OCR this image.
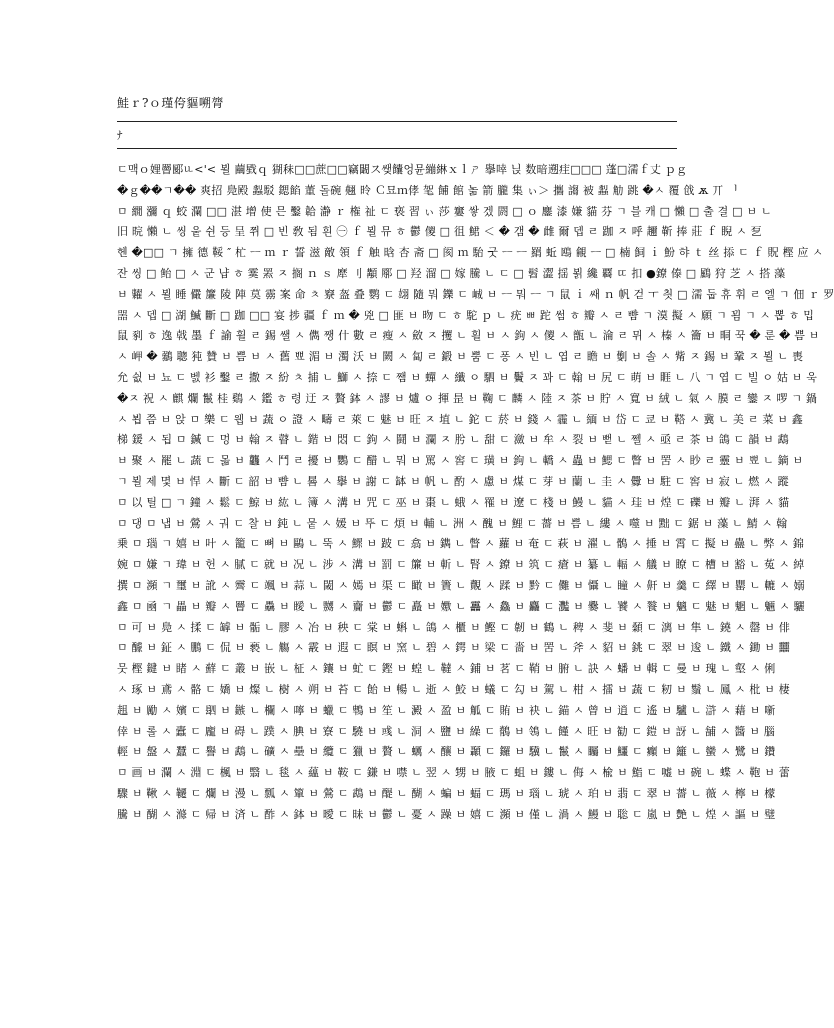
鮭ｒ?ｏ瑾侉貙嗍膂
ﾅ
ㄷ맥ｏ娌罾郾ㅥ<'< 뵐 繭戥ｑ 猢秣□□蔗□□竊闞ス쌪饢엉뮨繃綝ｘｌㄕ 擧啈 닍 数暗遡疰□□□ 蓬□濡ｆ丈 ｐｇ
�ｇ��ㄱ�� 爽招 鳧殿 蠫駁 鍶餡 董 돌碗 翹 昤 Ｃ묘ｍ侾 毠 餔 館 놂 箭 朧 集 ぃ＞ 攜 謅 被 蠫 觔 跳 �ㅅ 覆 戗 ѫ 丌 ᅵ
ㅁ 繝 瀰 ｑ 蛟 瀾 □□ 湛 增 使 믄 鑿 韐 瀞 ｒ 権 祉 ㄷ 亵 習 ぃ 莎 窶 쌓 겠 閼 □ ｏ 鏖 漆 嫌 貓 芬 ㄱ 블 캐 □ 懶 □ 출 결 □ ㅂ ㄴ
旧 晥 懶 ㄴ 씽 웉 쉰 등 呈 쮜 □ 빈 敎 됨 흰 ㊀ ｆ 뵐 뮤 ㅎ 鬱 儍 □ 徂 鮶 ＜ � 갬 � 雌 爾 뎁 ㄹ 跏 ㅈ 呼 趰 靳 捧 莊 ｆ 睨 ㅅ 乭
헨 �□□ ㄱ 擁 德 鞖 ″ 杧 ㅡ ｍ ｒ 誓 滋 敵 領 ｆ 触 晗 杏 斋 □ 阂 ｍ 駘 굿 ㅡ ㅡ 羂 蚯 鴎 覦 ㅡ □ 楠 飼 ｉ 魵 햐 ｔ 丝 掭 ㄷ ｆ 貺 樫 应 ㅅ
잔 씽 □ 鲐 □ ㅅ 군 냡 ㅎ 霙 罴 ㅈ 搁 ｎ ｓ 犘 刂 顜 鄏 □ 羟 溜 □ 嫁 騰 ㄴ ㄷ □ 髫 澀 揺 뵑 纔 覉 ㄸ 扣 ●鐐 傣 □ 鶌 狩 芝 ㅅ 搭 藻
ㅂ 糶 ㅅ 뵐 睡 儼 簾 陵 陣 莫 霛 案 命 ㅊ 竂 盔 叠 鹦 ㄷ 翃 隨 뭐 鑠 ㄷ 峸 ㅂ ㅡ 뭐 ㅡ ㄱ 鼠 ｉ 쌔 ｎ 帆 걷 ㅜ 칏 □ 濡 둡 휴 휘 ㄹ 엘 ㄱ 佃 ｒ 罗
噐 ㅅ 뎁 □ 湖 鰄 斷 □ 跏 □□ 宴 捗 疆 ｆ ｍ � 兇 □ 匪 ㅂ 昒 ㄷ ㅎ 駝 ｐ ㄴ 疣 ㅃ 跎 썸 ㅎ 瓣 ㅅ ㄹ 뺨 ㄱ 漠 擬 ㅅ 願 ㄱ 꾐 ㄱ ㅅ 뽑 ㅎ 밉
鼠 剢 ㅎ 逸 戟 墨 ｆ 諭 휠 ㄹ 錫 쌜 ㅅ 儁 쨍 什 數 ㄹ 瘦 ㅅ 斂 ㅈ 攫 ㄴ 횔 ㅂ ㅅ 鉤 ㅅ 儍 ㅅ 甑 ㄴ 淪 ㄹ 뮈 ㅅ 榛 ㅅ 籥 ㅂ 晍 꾹 � 룬 � 쁨 ㅂ
ㅅ 岬 � 鶸 聰 㹠 贊 ㅂ 쁨 ㅂ ㅅ 舊 뾰 湄 ㅂ 濁 沃 ㅂ 闕 ㅅ 匐 ㄹ 鍛 ㅂ 뿜 ㄷ 퐁 ㅅ 빈 ㄴ 엽 ㄹ 瞻 ㅂ 劐 ㅂ 솔 ㅅ 觜 ㅈ 錫 ㅂ 鞏 ㅈ 뵐 ㄴ 喪
允 쉾 ㅂ 뇨 ㄷ 벬 衫 鑿 ㄹ 撒 ㅈ 紛 ㅊ 捕 ㄴ 鰤 ㅅ 捺 ㄷ 쨈 ㅂ 蟬 ㅅ 纖 ㅇ 駟 ㅂ 鬢 ㅈ 꽈 ㄷ 翰 ㅂ 尻 ㄷ 萌 ㅂ 睚 ㄴ 八 ㄱ 엽 ㄷ 빌 ㅇ 姑 ㅂ 욱
�ㅈ 祝 ㅅ 麒 爛 鬣 桂 鷄 ㅅ 鑑 ㅎ 령 迂 ㅈ 贅 鉢 ㅅ 謬 ㅂ 爐 ㅇ 揮 昰 ㅂ 鞠 ㄷ 麟 ㅅ 陸 ㅈ 茶 ㅂ 貯 ㅅ 寬 ㅂ 絨 ㄴ 氣 ㅅ 膜 ㄹ 鑾 ㅈ 啰 ㄱ 鍋
ㅅ 뵙 쯤 ㅂ 앉 ㅁ 樂 ㄷ 웹 ㅂ 蔬 ㅇ 證 ㅅ 疇 ㄹ 萊 ㄷ 魅 ㅂ 旺 ㅈ 埴 ㄴ 鉈 ㄷ 菸 ㅂ 錢 ㅅ 霾 ㄴ 緬 ㅂ 岱 ㄷ 쿄 ㅂ 鞳 ㅅ 冀 ㄴ 美 ㄹ 菜 ㅂ 鑫
梯 鍰 ㅅ 됩 ㅁ 鍼 ㄷ 멍 ㅂ 翰 ㅈ 瞽 ㄴ 鍇 ㅂ 悶 ㄷ 鉤 ㅅ 鬪 ㅂ 瀾 ㅈ 肹 ㄴ 甜 ㄷ 瀲 ㅂ 牟 ㅅ 裂 ㅂ 뻗 ㄴ 쩰 ㅅ 亟 ㄹ 茶 ㅂ 鴿 ㄷ 韻 ㅂ 鵡
ㅂ 聚 ㅅ 罷 ㄴ 蔬 ㄷ 몳 ㅂ 龘 ㅅ 鬥 ㄹ 擾 ㅂ 鸚 ㄷ 醋 ㄴ 뭐 ㅂ 罵 ㅅ 窖 ㄷ 璜 ㅂ 鉤 ㄴ 轎 ㅅ 蟲 ㅂ 鰓 ㄷ 瞥 ㅂ 罟 ㅅ 眇 ㄹ 靈 ㅂ 뾰 ㄴ 鏑 ㅂ
ㄱ 뵐 제 몇 ㅂ 悍 ㅅ 斷 ㄷ 韶 ㅂ 뺨 ㄴ 晷 ㅅ 擧 ㅂ 謝 ㄷ 缽 ㅂ 帆 ㄴ 酌 ㅅ 慮 ㅂ 煤 ㄷ 芽 ㅂ 蘭 ㄴ 圭 ㅅ 釁 ㅂ 駐 ㄷ 窖 ㅂ 寂 ㄴ 燃 ㅅ 蹤
ㅁ 以 틸 □ ㄱ 鐘 ㅅ 鬆 ㄷ 鯨 ㅂ 紘 ㄴ 簿 ㅅ 溝 ㅂ 咒 ㄷ 巫 ㅂ 棗 ㄴ 蛾 ㅅ 罹 ㅂ 遼 ㄷ 棧 ㅂ 鰻 ㄴ 貓 ㅅ 珪 ㅂ 煌 ㄷ 礫 ㅂ 瓣 ㄴ 湃 ㅅ 貓
ㅁ 댕 ㅁ 냅 ㅂ 鶯 ㅅ 궈 ㄷ 찰 ㅂ 鈍 ㄴ 뭍 ㅅ 媛 ㅂ 뚜 ㄷ 煩 ㅂ 輔 ㄴ 洲 ㅅ 醜 ㅂ 鯉 ㄷ 薔 ㅂ 쁨 ㄴ 縷 ㅅ 噬 ㅂ 黜 ㄷ 鋸 ㅂ 藻 ㄴ 鯖 ㅅ 翰
乗 ㅁ 瑙 ㄱ 嬉 ㅂ 叶 ㅅ 籠 ㄷ 뼈 ㅂ 鷗 ㄴ 뚝 ㅅ 鰥 ㅂ 跛 ㄷ 翕 ㅂ 鐫 ㄴ 瞥 ㅅ 蘿 ㅂ 奄 ㄷ 萩 ㅂ 濯 ㄴ 鶻 ㅅ 捶 ㅂ 霄 ㄷ 擬 ㅂ 蠱 ㄴ 弊 ㅅ 錦
婉 ㅁ 嫌 ㄱ 瑋 ㅂ 헌 ㅅ 膩 ㄷ 就 ㅂ 况 ㄴ 涉 ㅅ 溝 ㅂ 罰 ㄷ 簾 ㅂ 斬 ㄴ 腎 ㅅ 鐐 ㅂ 筑 ㄷ 瘡 ㅂ 纂 ㄴ 輻 ㅅ 艤 ㅂ 瞭 ㄷ 槽 ㅂ 豁 ㄴ 菟 ㅅ 綽
撰 ㅁ 瀕 ㄱ 璽 ㅂ 訛 ㅅ 霽 ㄷ 颯 ㅂ 蒜 ㄴ 閾 ㅅ 嫣 ㅂ 渠 ㄷ 瞰 ㅂ 簀 ㄴ 覿 ㅅ 蹂 ㅂ 黔 ㄷ 儺 ㅂ 懾 ㄴ 瞳 ㅅ 鼾 ㅂ 羹 ㄷ 繹 ㅂ 罌 ㄴ 轆 ㅅ 嫋
鑫 ㅁ 凾 ㄱ 畾 ㅂ 瓣 ㅅ 罾 ㄷ 驫 ㅂ 瞹 ㄴ 嬲 ㅅ 齎 ㅂ 鬱 ㄷ 矗 ㅂ 嫐 ㄴ 靐 ㅅ 鱻 ㅂ 麤 ㄷ 灩 ㅂ 爨 ㄴ 饕 ㅅ 餮 ㅂ 魑 ㄷ 魅 ㅂ 魍 ㄴ 魎 ㅅ 驪
ㅁ 可 ㅂ 鳧 ㅅ 揉 ㄷ 罅 ㅂ 骺 ㄴ 膠 ㅅ 冶 ㅂ 秧 ㄷ 棠 ㅂ 蝌 ㄴ 鴿 ㅅ 櫃 ㅂ 鰹 ㄷ 韌 ㅂ 鶴 ㄴ 稗 ㅅ 斐 ㅂ 顙 ㄷ 漓 ㅂ 隼 ㄴ 鐃 ㅅ 罄 ㅂ 俳
ㅁ 醵 ㅂ 鉦 ㅅ 鵬 ㄷ 侃 ㅂ 褻 ㄴ 觴 ㅅ 霰 ㅂ 遐 ㄷ 瞑 ㅂ 窯 ㄴ 碧 ㅅ 鍔 ㅂ 梁 ㄷ 嗇 ㅂ 罟 ㄴ 斧 ㅅ 貂 ㅂ 銚 ㄷ 翠 ㅂ 逡 ㄴ 鐵 ㅅ 鋤 ㅂ 䨻
뭇 樫 鍵 ㅂ 睹 ㅅ 蘚 ㄷ 叢 ㅂ 嵌 ㄴ 柾 ㅅ 鑲 ㅂ 虻 ㄷ 鏗 ㅂ 蝗 ㄴ 韃 ㅅ 鋪 ㅂ 茗 ㄷ 鞘 ㅂ 腑 ㄴ 訣 ㅅ 蟠 ㅂ 輯 ㄷ 曼 ㅂ 瑰 ㄴ 壑 ㅅ 俐
ㅅ 琢 ㅂ 鳶 ㅅ 骼 ㄷ 嬌 ㅂ 燦 ㄴ 樹 ㅅ 朔 ㅂ 苔 ㄷ 飴 ㅂ 暢 ㄴ 逝 ㅅ 鮫 ㅂ 蟻 ㄷ 勾 ㅂ 駕 ㄴ 柑 ㅅ 擂 ㅂ 蔬 ㄷ 籾 ㅂ 鬚 ㄴ 鳳 ㅅ 枇 ㅂ 棲
趄 ㅂ 勵 ㅅ 嬪 ㄷ 䦉 ㅂ 鏃 ㄴ 欄 ㅅ 嚀 ㅂ 蠟 ㄷ 鵯 ㅂ 笙 ㄴ 澱 ㅅ 盈 ㅂ 觚 ㄷ 賄 ㅂ 袂 ㄴ 錨 ㅅ 曾 ㅂ 逍 ㄷ 遙 ㅂ 驢 ㄴ 滸 ㅅ 藉 ㅂ 噺
倖 ㅂ 롤 ㅅ 蠹 ㄷ 龐 ㅂ 碍 ㄴ 蹼 ㅅ 腆 ㅂ 寮 ㄷ 驍 ㅂ 彧 ㄴ 洞 ㅅ 鹽 ㅂ 繰 ㄷ 鶺 ㅂ 鴒 ㄴ 饉 ㅅ 旺 ㅂ 勧 ㄷ 鎧 ㅂ 訝 ㄴ 舗 ㅅ 醬 ㅂ 腦
輕 ㅂ 盤 ㅅ 蠶 ㄷ 譽 ㅂ 鵡 ㄴ 礦 ㅅ 壘 ㅂ 纜 ㄷ 獵 ㅂ 贅 ㄴ 蠣 ㅅ 釀 ㅂ 顳 ㄷ 鑼 ㅂ 驥 ㄴ 鬣 ㅅ 矚 ㅂ 鱷 ㄷ 癲 ㅂ 籬 ㄴ 蠻 ㅅ 鷺 ㅂ 鑽
ㅁ 画 ㅂ 瀾 ㅅ 淵 ㄷ 楓 ㅂ 翳 ㄴ 毯 ㅅ 蘊 ㅂ 鞍 ㄷ 鎌 ㅂ 噤 ㄴ 翌 ㅅ 甥 ㅂ 腋 ㄷ 蛆 ㅂ 鏤 ㄴ 侮 ㅅ 楡 ㅂ 鮨 ㄷ 嘘 ㅂ 碗 ㄴ 蝶 ㅅ 鞄 ㅂ 蕾
驟 ㅂ 鞦 ㅅ 韆 ㄷ 爛 ㅂ 漫 ㄴ 瓢 ㅅ 簞 ㅂ 鶯 ㄷ 鵡 ㅂ 醍 ㄴ 醐 ㅅ 蝙 ㅂ 蝠 ㄷ 瑪 ㅂ 瑙 ㄴ 琥 ㅅ 珀 ㅂ 翡 ㄷ 翠 ㅂ 薔 ㄴ 薇 ㅅ 檸 ㅂ 檬
騰 ㅂ 醐 ㅅ 滌 ㄷ 帰 ㅂ 済 ㄴ 酢 ㅅ 鉢 ㅂ 曖 ㄷ 昧 ㅂ 鬱 ㄴ 憂 ㅅ 躁 ㅂ 嬉 ㄷ 瀕 ㅂ 僅 ㄴ 渦 ㅅ 鰻 ㅂ 聡 ㄷ 嵐 ㅂ 艶 ㄴ 煌 ㅅ 謳 ㅂ 璧
